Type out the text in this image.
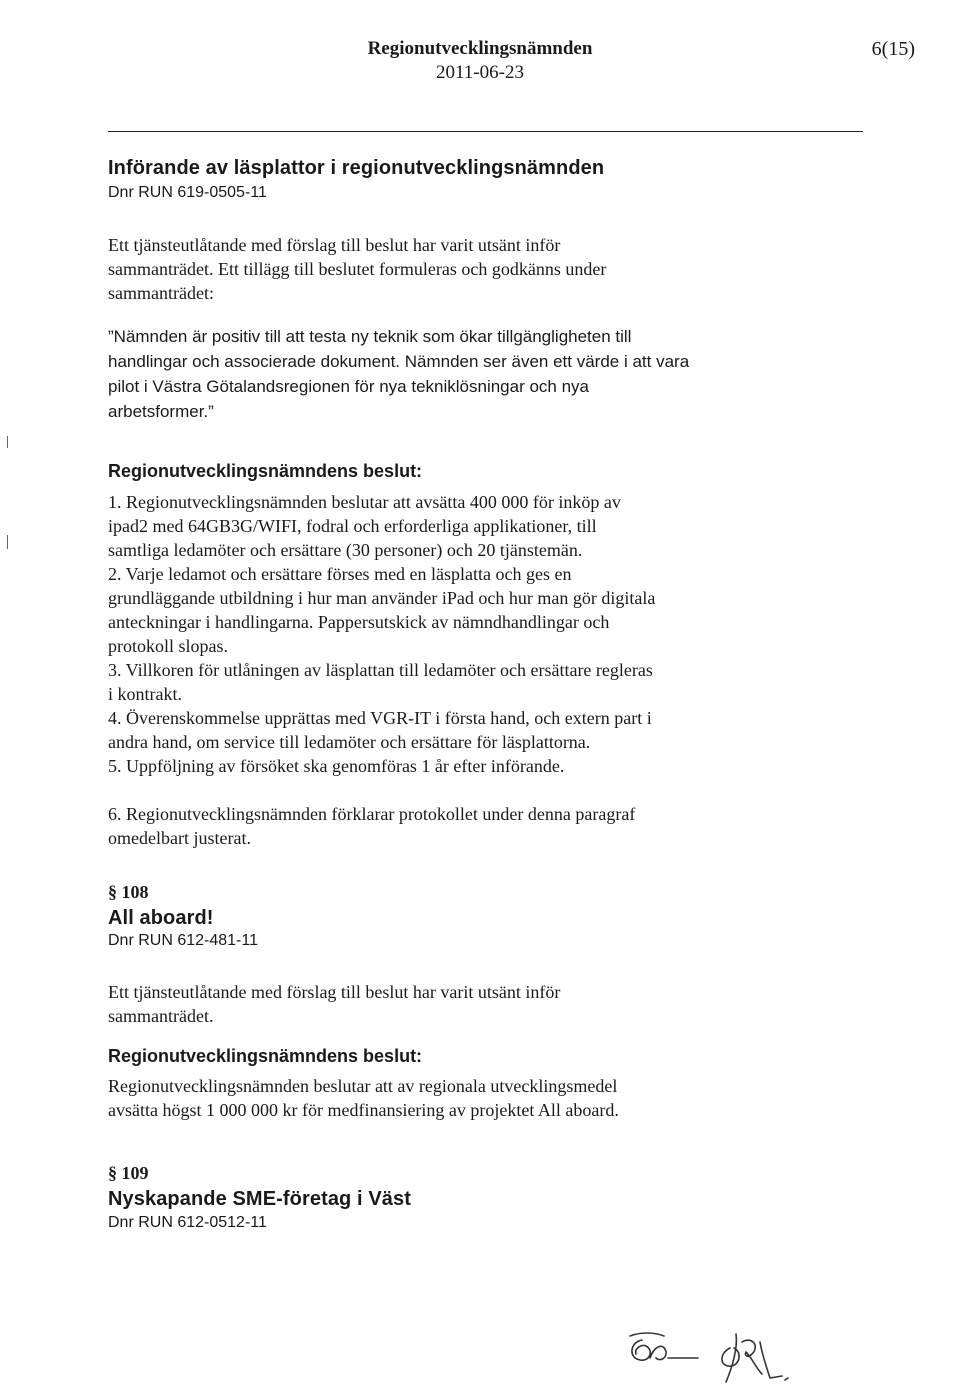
Regionutvecklingsnämnden
2011-06-23
6(15)
Införande av läsplattor i regionutvecklingsnämnden
Dnr RUN 619-0505-11

Ett tjänsteutlåtande med förslag till beslut har varit utsänt inför

sammanträdet. Ett tillägg till beslutet formuleras och godkänns under

sammanträdet:

”Nämnden är positiv till att testa ny teknik som ökar tillgängligheten till

handlingar och associerade dokument. Nämnden ser även ett värde i att vara

pilot i Västra Götalandsregionen för nya tekniklösningar och nya

arbetsformer.”

Regionutvecklingsnämndens beslut:

1. Regionutvecklingsnämnden beslutar att avsätta 400 000 för inköp av

ipad2 med 64GB3G/WIFI, fodral och erforderliga applikationer, till

samtliga ledamöter och ersättare (30 personer) och 20 tjänstemän.

2. Varje ledamot och ersättare förses med en läsplatta och ges en

grundläggande utbildning i hur man använder iPad och hur man gör digitala

anteckningar i handlingarna. Pappersutskick av nämndhandlingar och

protokoll slopas.

3. Villkoren för utlåningen av läsplattan till ledamöter och ersättare regleras

i kontrakt.

4. Överenskommelse upprättas med VGR-IT i första hand, och extern part i

andra hand, om service till ledamöter och ersättare för läsplattorna.

5. Uppföljning av försöket ska genomföras 1 år efter införande.

6. Regionutvecklingsnämnden förklarar protokollet under denna paragraf

omedelbart justerat.

§ 108
All aboard!
Dnr RUN 612-481-11

Ett tjänsteutlåtande med förslag till beslut har varit utsänt inför

sammanträdet.

Regionutvecklingsnämndens beslut:

Regionutvecklingsnämnden beslutar att av regionala utvecklingsmedel

avsätta högst 1 000 000 kr för medfinansiering av projektet All aboard.

§ 109
Nyskapande SME-företag i Väst
Dnr RUN 612-0512-11
